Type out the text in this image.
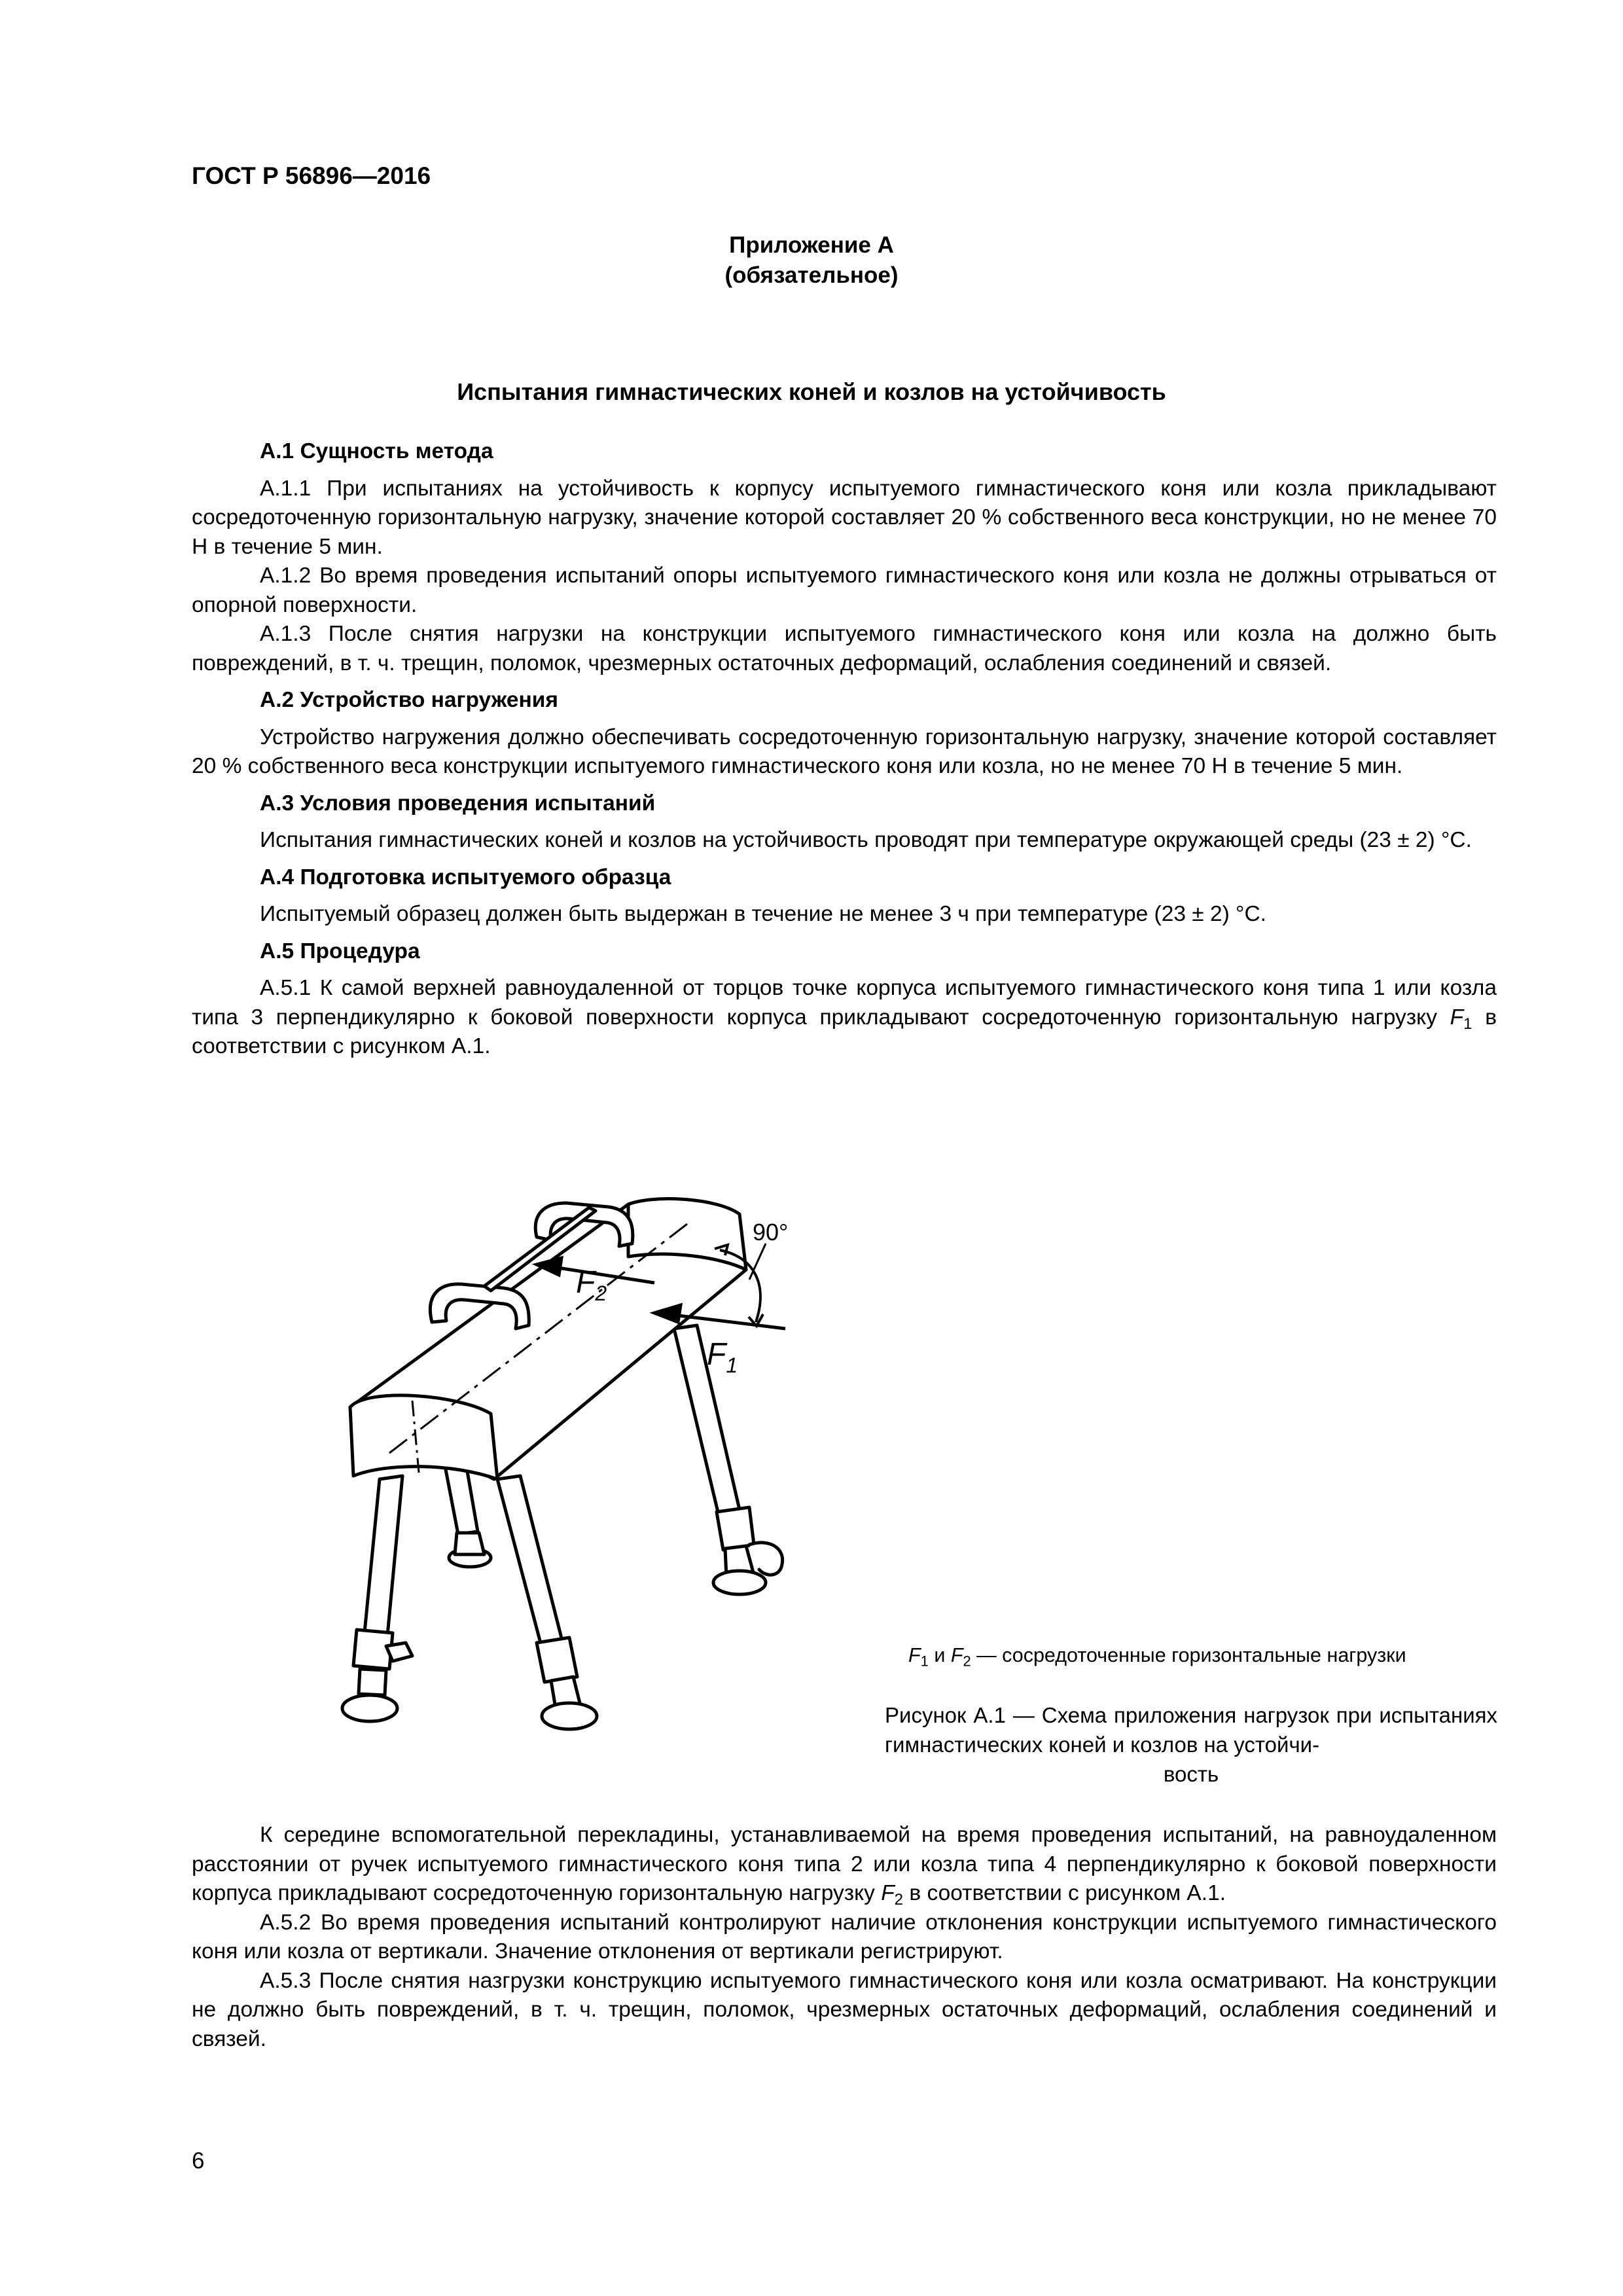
ГОСТ Р 56896—2016
Приложение А
(обязательное)
Испытания гимнастических коней и козлов на устойчивость

А.1 Сущность метода

А.1.1 При испытаниях на устойчивость к корпусу испытуемого гимнастического коня или козла прикладывают сосредоточенную горизонтальную нагрузку, значение которой составляет 20 % собственного веса конструкции, но не менее 70 Н в течение 5 мин.

А.1.2 Во время проведения испытаний опоры испытуемого гимнастического коня или козла не должны отрываться от опорной поверхности.

А.1.3 После снятия нагрузки на конструкции испытуемого гимнастического коня или козла на должно быть повреждений, в т. ч. трещин, поломок, чрезмерных остаточных деформаций, ослабления соединений и связей.

А.2 Устройство нагружения

Устройство нагружения должно обеспечивать сосредоточенную горизонтальную нагрузку, значение которой составляет 20 % собственного веса конструкции испытуемого гимнастического коня или козла, но не менее 70 Н в течение 5 мин.

А.3 Условия проведения испытаний

Испытания гимнастических коней и козлов на устойчивость проводят при температуре окружающей среды (23 ± 2) °С.

А.4 Подготовка испытуемого образца

Испытуемый образец должен быть выдержан в течение не менее 3 ч при температуре (23 ± 2) °С.

А.5 Процедура

А.5.1 К самой верхней равноудаленной от торцов точке корпуса испытуемого гимнастического коня типа 1 или козла типа 3 перпендикулярно к боковой поверхности корпуса прикладывают сосредоточенную горизонтальную нагрузку $F_1$ в соответствии с рисунком А.1.

90°
$F_2$
$F_1$
$F_1$ и $F_2$ — сосредоточенные горизонтальные нагрузки
Рисунок А.1 — Схема приложения нагрузок при испытаниях гимнастических коней и козлов на устойчи-
вость

К середине вспомогательной перекладины, устанавливаемой на время проведения испытаний, на равноудаленном расстоянии от ручек испытуемого гимнастического коня типа 2 или козла типа 4 перпендикулярно к боковой поверхности корпуса прикладывают сосредоточенную горизонтальную нагрузку $F_2$ в соответствии с рисунком А.1.

А.5.2 Во время проведения испытаний контролируют наличие отклонения конструкции испытуемого гимнастического коня или козла от вертикали. Значение отклонения от вертикали регистрируют.

А.5.3 После снятия назгрузки конструкцию испытуемого гимнастического коня или козла осматривают. На конструкции не должно быть повреждений, в т. ч. трещин, поломок, чрезмерных остаточных деформаций, ослабления соединений и связей.

6
